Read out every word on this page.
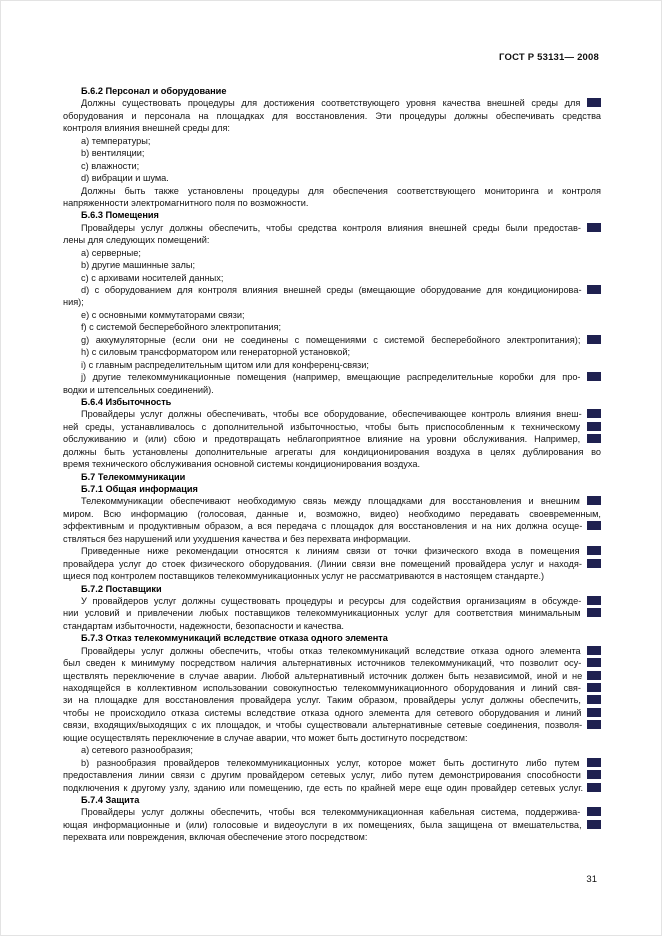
ГОСТ Р 53131— 2008
Б.6.2 Персонал и оборудование
Должны существовать процедуры для достижения соответствующего уровня качества внешней среды для
оборудования и персонала на площадках для восстановления. Эти процедуры должны обеспечивать средства
контроля влияния внешней среды для:
a) температуры;
b) вентиляции;
c) влажности;
d) вибрации и шума.
Должны быть также установлены процедуры для обеспечения соответствующего мониторинга и контроля
напряженности электромагнитного поля по возможности.
Б.6.3 Помещения
Провайдеры услуг должны обеспечить, чтобы средства контроля влияния внешней среды были предостав-
лены для следующих помещений:
a) серверные;
b) другие машинные залы;
c) с архивами носителей данных;
d) с оборудованием для контроля влияния внешней среды (вмещающие оборудование для кондиционирова-
ния);
e) с основными коммутаторами связи;
f) с системой бесперебойного электропитания;
g) аккумуляторные (если они не соединены с помещениями с системой бесперебойного электропитания);
h) с силовым трансформатором или генераторной установкой;
i) с главным распределительным щитом или для конференц-связи;
j) другие телекоммуникационные помещения (например, вмещающие распределительные коробки для про-
водки и штепсельных соединений).
Б.6.4 Избыточность
Провайдеры услуг должны обеспечивать, чтобы все оборудование, обеспечивающее контроль влияния внеш-
ней среды, устанавливалось с дополнительной избыточностью, чтобы быть приспособленным к техническому
обслуживанию и (или) сбою и предотвращать неблагоприятное влияние на уровни обслуживания. Например,
должны быть установлены дополнительные агрегаты для кондиционирования воздуха в целях дублирования во
время технического обслуживания основной системы кондиционирования воздуха.
Б.7 Телекоммуникации
Б.7.1 Общая информация
Телекоммуникации обеспечивают необходимую связь между площадками для восстановления и внешним
миром. Всю информацию (голосовая, данные и, возможно, видео) необходимо передавать своевременным,
эффективным и продуктивным образом, а вся передача с площадок для восстановления и на них должна осуще-
ствляться без нарушений или ухудшения качества и без перехвата информации.
Приведенные ниже рекомендации относятся к линиям связи от точки физического входа в помещения
провайдера услуг до стоек физического оборудования. (Линии связи вне помещений провайдера услуг и находя-
щиеся под контролем поставщиков телекоммуникационных услуг не рассматриваются в настоящем стандарте.)
Б.7.2 Поставщики
У провайдеров услуг должны существовать процедуры и ресурсы для содействия организациям в обсужде-
нии условий и привлечении любых поставщиков телекоммуникационных услуг для соответствия минимальным
стандартам избыточности, надежности, безопасности и качества.
Б.7.3 Отказ телекоммуникаций вследствие отказа одного элемента
Провайдеры услуг должны обеспечить, чтобы отказ телекоммуникаций вследствие отказа одного элемента
был сведен к минимуму посредством наличия альтернативных источников телекоммуникаций, что позволит осу-
ществлять переключение в случае аварии. Любой альтернативный источник должен быть независимой, иной и не
находящейся в коллективном использовании совокупностью телекоммуникационного оборудования и линий свя-
зи на площадке для восстановления провайдера услуг. Таким образом, провайдеры услуг должны обеспечить,
чтобы не происходило отказа системы вследствие отказа одного элемента для сетевого оборудования и линий
связи, входящих/выходящих с их площадок, и чтобы существовали альтернативные сетевые соединения, позволя-
ющие осуществлять переключение в случае аварии, что может быть достигнуто посредством:
a) сетевого разнообразия;
b) разнообразия провайдеров телекоммуникационных услуг, которое может быть достигнуто либо путем
предоставления линии связи с другим провайдером сетевых услуг, либо путем демонстрирования способности
подключения к другому узлу, зданию или помещению, где есть по крайней мере еще один провайдер сетевых услуг.
Б.7.4 Защита
Провайдеры услуг должны обеспечить, чтобы вся телекоммуникационная кабельная система, поддержива-
ющая информационные и (или) голосовые и видеоуслуги в их помещениях, была защищена от вмешательства,
перехвата или повреждения, включая обеспечение этого посредством:
31
